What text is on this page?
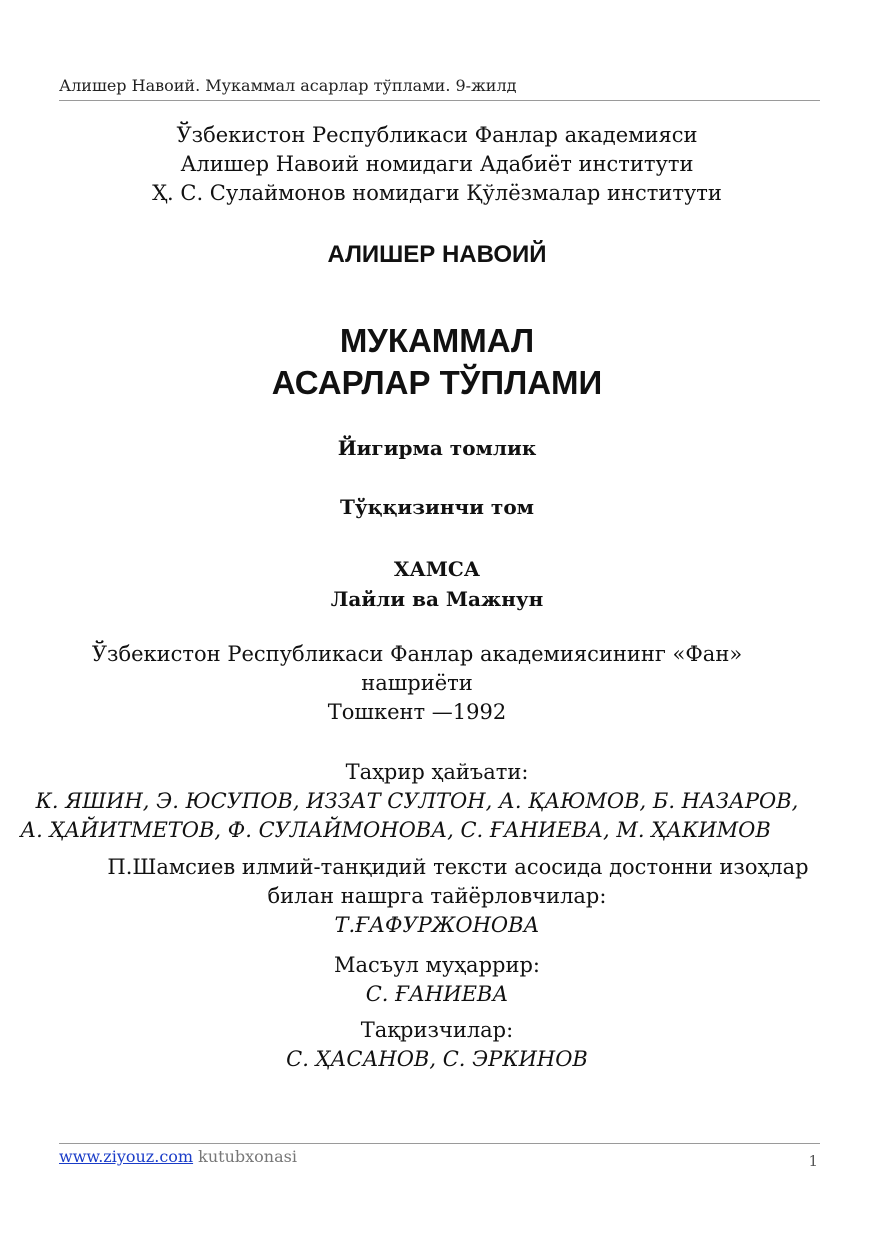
Алишер Навоий. Мукаммал асарлар тўплами. 9-жилд
Ўзбекистон Республикаси Фанлар академияси
Алишер Навоий номидаги Адабиёт институти
Ҳ. С. Сулаймонов номидаги Қўлёзмалар институти
АЛИШЕР НАВОИЙ
МУКАММАЛ
АСАРЛАР ТЎПЛАМИ
Йигирма томлик
Тўққизинчи том
ХАМСА
Лайли ва Мажнун
Ўзбекистон Республикаси Фанлар академиясининг «Фан»
нашриёти
Тошкент —1992
Таҳрир ҳайъати:
К. ЯШИН, Э. ЮСУПОВ, ИЗЗАТ СУЛТОН, А. ҚАЮМОВ, Б. НАЗАРОВ,
А. ҲАЙИТМЕТОВ, Ф. СУЛАЙМОНОВА, С. ҒАНИЕВА, М. ҲАКИМОВ
П.Шамсиев илмий-танқидий тексти асосида достонни изоҳлар
билан нашрга тайёрловчилар:
Т.ҒАФУРЖОНОВА
Масъул муҳаррир:
С. ҒАНИЕВА
Тақризчилар:
С. ҲАСАНОВ, С. ЭРКИНОВ
www.ziyouz.com kutubxonasi	1
